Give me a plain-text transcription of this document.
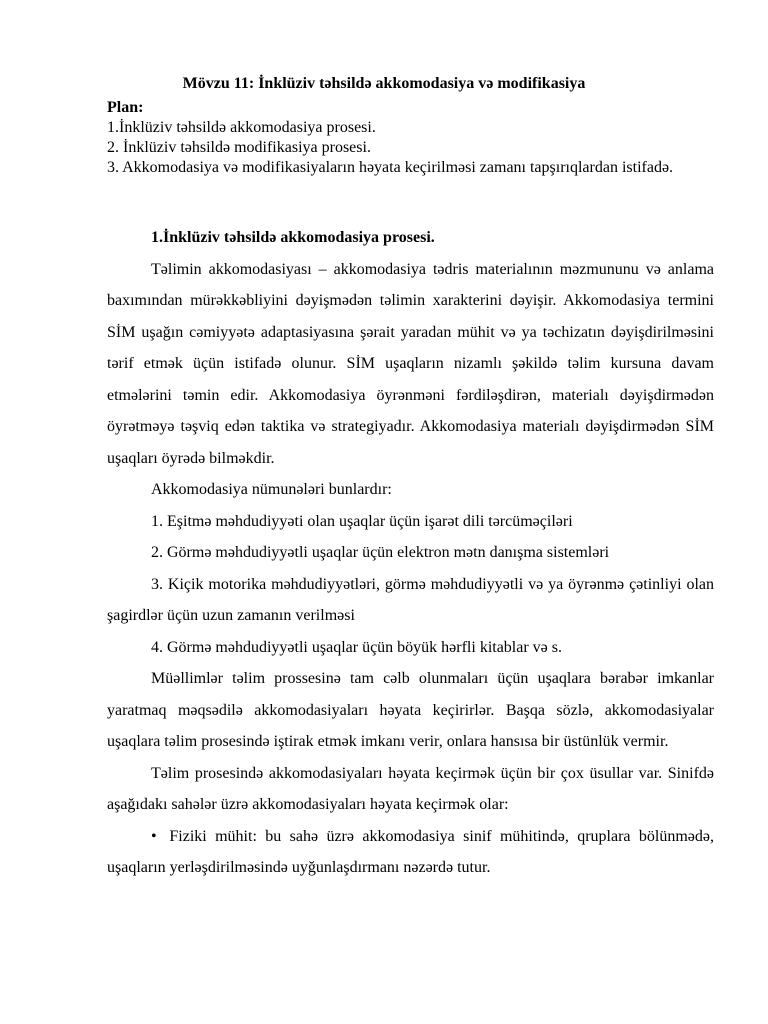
Mövzu 11: İnklüziv təhsildə akkomodasiya və modifikasiya

Plan:

1.İnklüziv təhsildə akkomodasiya prosesi.
2. İnklüziv təhsildə modifikasiya prosesi.
3. Akkomodasiya və modifikasiyaların həyata keçirilməsi zamanı tapşırıqlardan istifadə.

1.İnklüziv təhsildə akkomodasiya prosesi.

Təlimin akkomodasiyası – akkomodasiya tədris materialının məzmununu və anlama baxımından mürəkkəbliyini dəyişmədən təlimin xarakterini dəyişir. Akkomodasiya termini SİM uşağın cəmiyyətə adaptasiyasına şərait yaradan mühit və ya təchizatın dəyişdirilməsini tərif etmək üçün istifadə olunur. SİM uşaqların nizamlı şəkildə təlim kursuna davam etmələrini təmin edir. Akkomodasiya öyrənməni fərdiləşdirən, materialı dəyişdirmədən öyrətməyə təşviq edən taktika və strategiyadır. Akkomodasiya materialı dəyişdirmədən SİM uşaqları öyrədə bilməkdir.

Akkomodasiya nümunələri bunlardır:

1. Eşitmə məhdudiyyəti olan uşaqlar üçün işarət dili tərcüməçiləri

2. Görmə məhdudiyyətli uşaqlar üçün elektron mətn danışma sistemləri

3. Kiçik motorika məhdudiyyətləri, görmə məhdudiyyətli və ya öyrənmə çətinliyi olan şagirdlər üçün uzun zamanın verilməsi

4. Görmə məhdudiyyətli uşaqlar üçün böyük hərfli kitablar və s.

Müəllimlər təlim prossesinə tam cəlb olunmaları üçün uşaqlara bərabər imkanlar yaratmaq məqsədilə akkomodasiyaları həyata keçirirlər. Başqa sözlə, akkomodasiyalar uşaqlara təlim prosesində iştirak etmək imkanı verir, onlara hansısa bir üstünlük vermir.

Təlim prosesində akkomodasiyaları həyata keçirmək üçün bir çox üsullar var. Sinifdə aşağıdakı sahələr üzrə akkomodasiyaları həyata keçirmək olar:

• Fiziki mühit: bu sahə üzrə akkomodasiya sinif mühitində, qruplara bölünmədə, uşaqların yerləşdirilməsində uyğunlaşdırmanı nəzərdə tutur.
